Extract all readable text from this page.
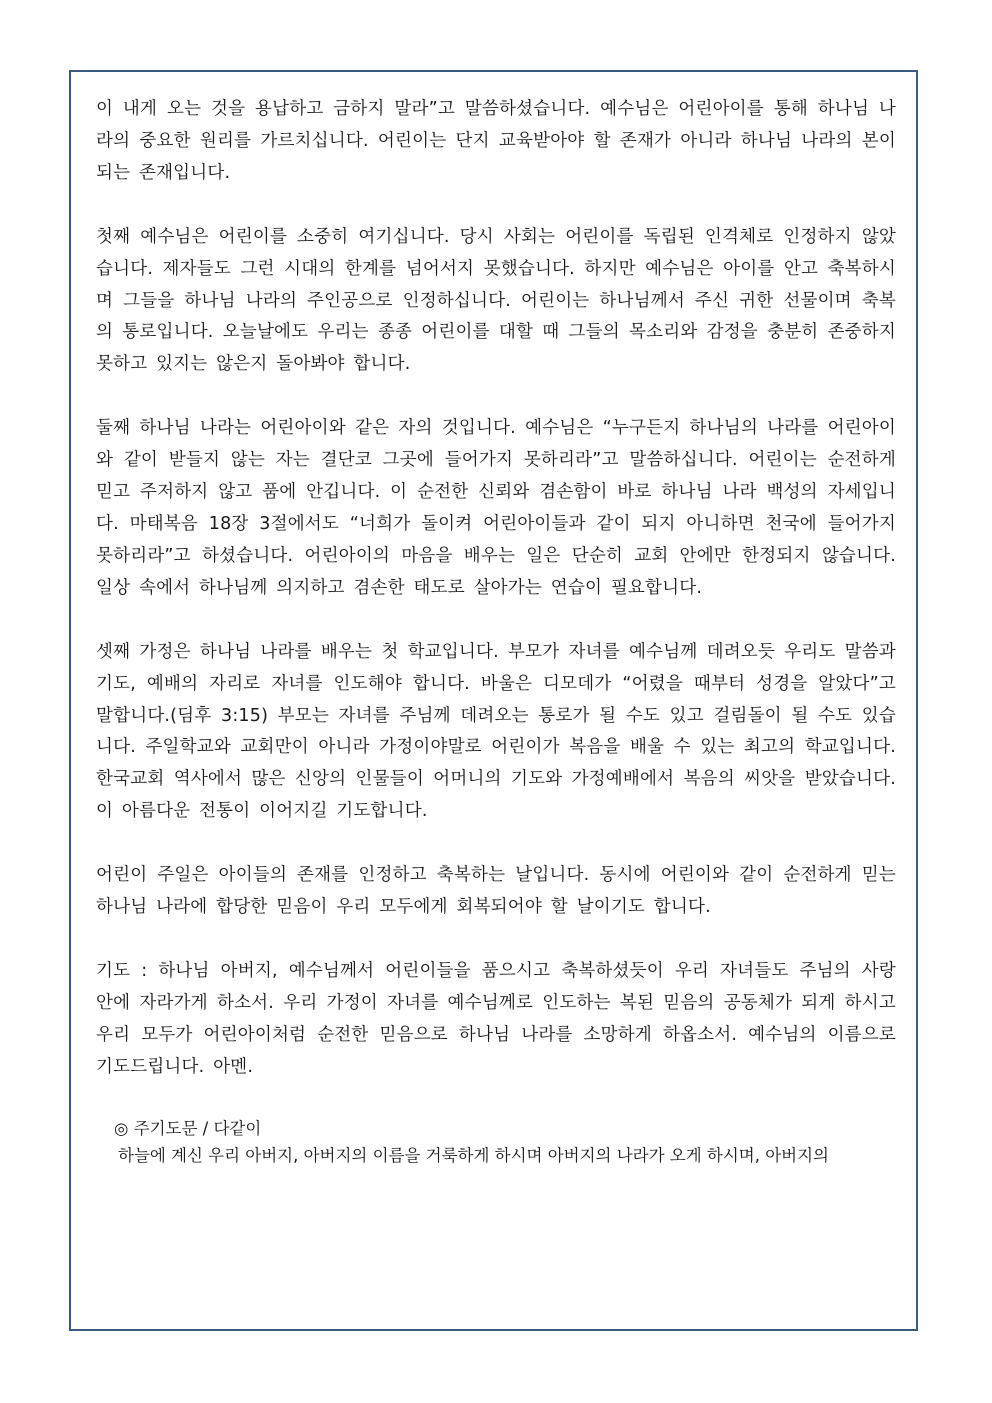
이 내게 오는 것을 용납하고 금하지 말라”고 말씀하셨습니다. 예수님은 어린아이를 통해 하나님 나라의 중요한 원리를 가르치십니다. 어린이는 단지 교육받아야 할 존재가 아니라 하나님 나라의 본이 되는 존재입니다.

첫째 예수님은 어린이를 소중히 여기십니다. 당시 사회는 어린이를 독립된 인격체로 인정하지 않았습니다. 제자들도 그런 시대의 한계를 넘어서지 못했습니다. 하지만 예수님은 아이를 안고 축복하시며 그들을 하나님 나라의 주인공으로 인정하십니다. 어린이는 하나님께서 주신 귀한 선물이며 축복의 통로입니다. 오늘날에도 우리는 종종 어린이를 대할 때 그들의 목소리와 감정을 충분히 존중하지 못하고 있지는 않은지 돌아봐야 합니다.

둘째 하나님 나라는 어린아이와 같은 자의 것입니다. 예수님은 “누구든지 하나님의 나라를 어린아이와 같이 받들지 않는 자는 결단코 그곳에 들어가지 못하리라”고 말씀하십니다. 어린이는 순전하게 믿고 주저하지 않고 품에 안깁니다. 이 순전한 신뢰와 겸손함이 바로 하나님 나라 백성의 자세입니다. 마태복음 18장 3절에서도 “너희가 돌이켜 어린아이들과 같이 되지 아니하면 천국에 들어가지 못하리라”고 하셨습니다. 어린아이의 마음을 배우는 일은 단순히 교회 안에만 한정되지 않습니다. 일상 속에서 하나님께 의지하고 겸손한 태도로 살아가는 연습이 필요합니다.

셋째 가정은 하나님 나라를 배우는 첫 학교입니다. 부모가 자녀를 예수님께 데려오듯 우리도 말씀과 기도, 예배의 자리로 자녀를 인도해야 합니다. 바울은 디모데가 “어렸을 때부터 성경을 알았다”고 말합니다.(딤후 3:15) 부모는 자녀를 주님께 데려오는 통로가 될 수도 있고 걸림돌이 될 수도 있습니다. 주일학교와 교회만이 아니라 가정이야말로 어린이가 복음을 배울 수 있는 최고의 학교입니다. 한국교회 역사에서 많은 신앙의 인물들이 어머니의 기도와 가정예배에서 복음의 씨앗을 받았습니다. 이 아름다운 전통이 이어지길 기도합니다.

어린이 주일은 아이들의 존재를 인정하고 축복하는 날입니다. 동시에 어린이와 같이 순전하게 믿는 하나님 나라에 합당한 믿음이 우리 모두에게 회복되어야 할 날이기도 합니다.

기도 : 하나님 아버지, 예수님께서 어린이들을 품으시고 축복하셨듯이 우리 자녀들도 주님의 사랑 안에 자라가게 하소서. 우리 가정이 자녀를 예수님께로 인도하는 복된 믿음의 공동체가 되게 하시고 우리 모두가 어린아이처럼 순전한 믿음으로 하나님 나라를 소망하게 하옵소서. 예수님의 이름으로 기도드립니다. 아멘.

◎ 주기도문 / 다같이

하늘에 계신 우리 아버지, 아버지의 이름을 거룩하게 하시며 아버지의 나라가 오게 하시며, 아버지의
